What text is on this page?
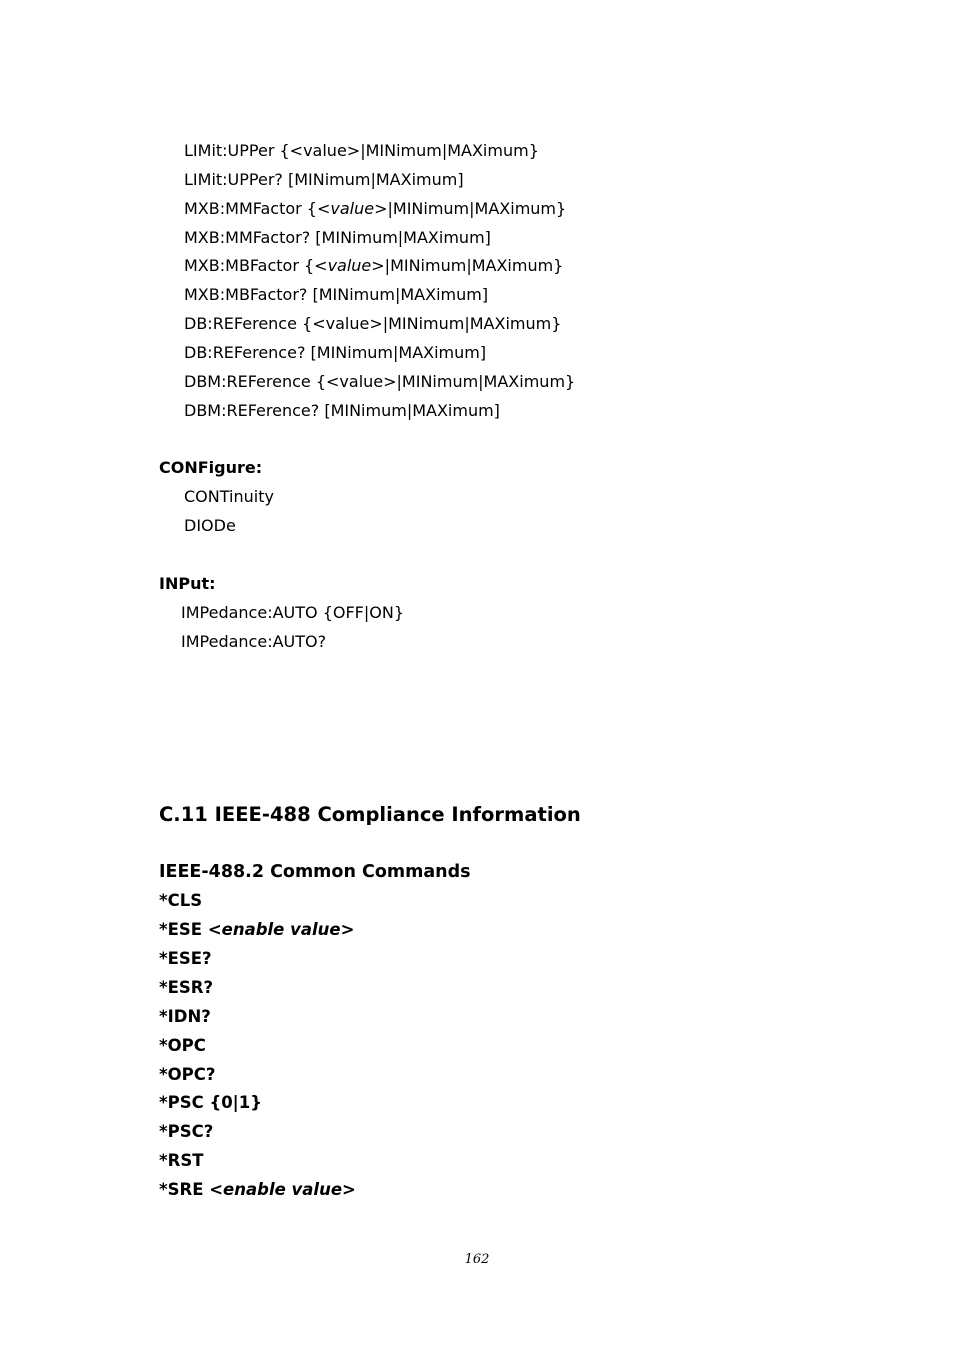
LIMit:UPPer {<value>|MINimum|MAXimum}
LIMit:UPPer? [MINimum|MAXimum]
MXB:MMFactor {<value>|MINimum|MAXimum}
MXB:MMFactor? [MINimum|MAXimum]
MXB:MBFactor {<value>|MINimum|MAXimum}
MXB:MBFactor? [MINimum|MAXimum]
DB:REFerence {<value>|MINimum|MAXimum}
DB:REFerence? [MINimum|MAXimum]
DBM:REFerence {<value>|MINimum|MAXimum}
DBM:REFerence? [MINimum|MAXimum]
CONFigure:
CONTinuity
DIODe
INPut:
IMPedance:AUTO {OFF|ON}
IMPedance:AUTO?
C.11 IEEE-488 Compliance Information
IEEE-488.2 Common Commands
*CLS
*ESE <enable value>
*ESE?
*ESR?
*IDN?
*OPC
*OPC?
*PSC {0|1}
*PSC?
*RST
*SRE <enable value>
162
